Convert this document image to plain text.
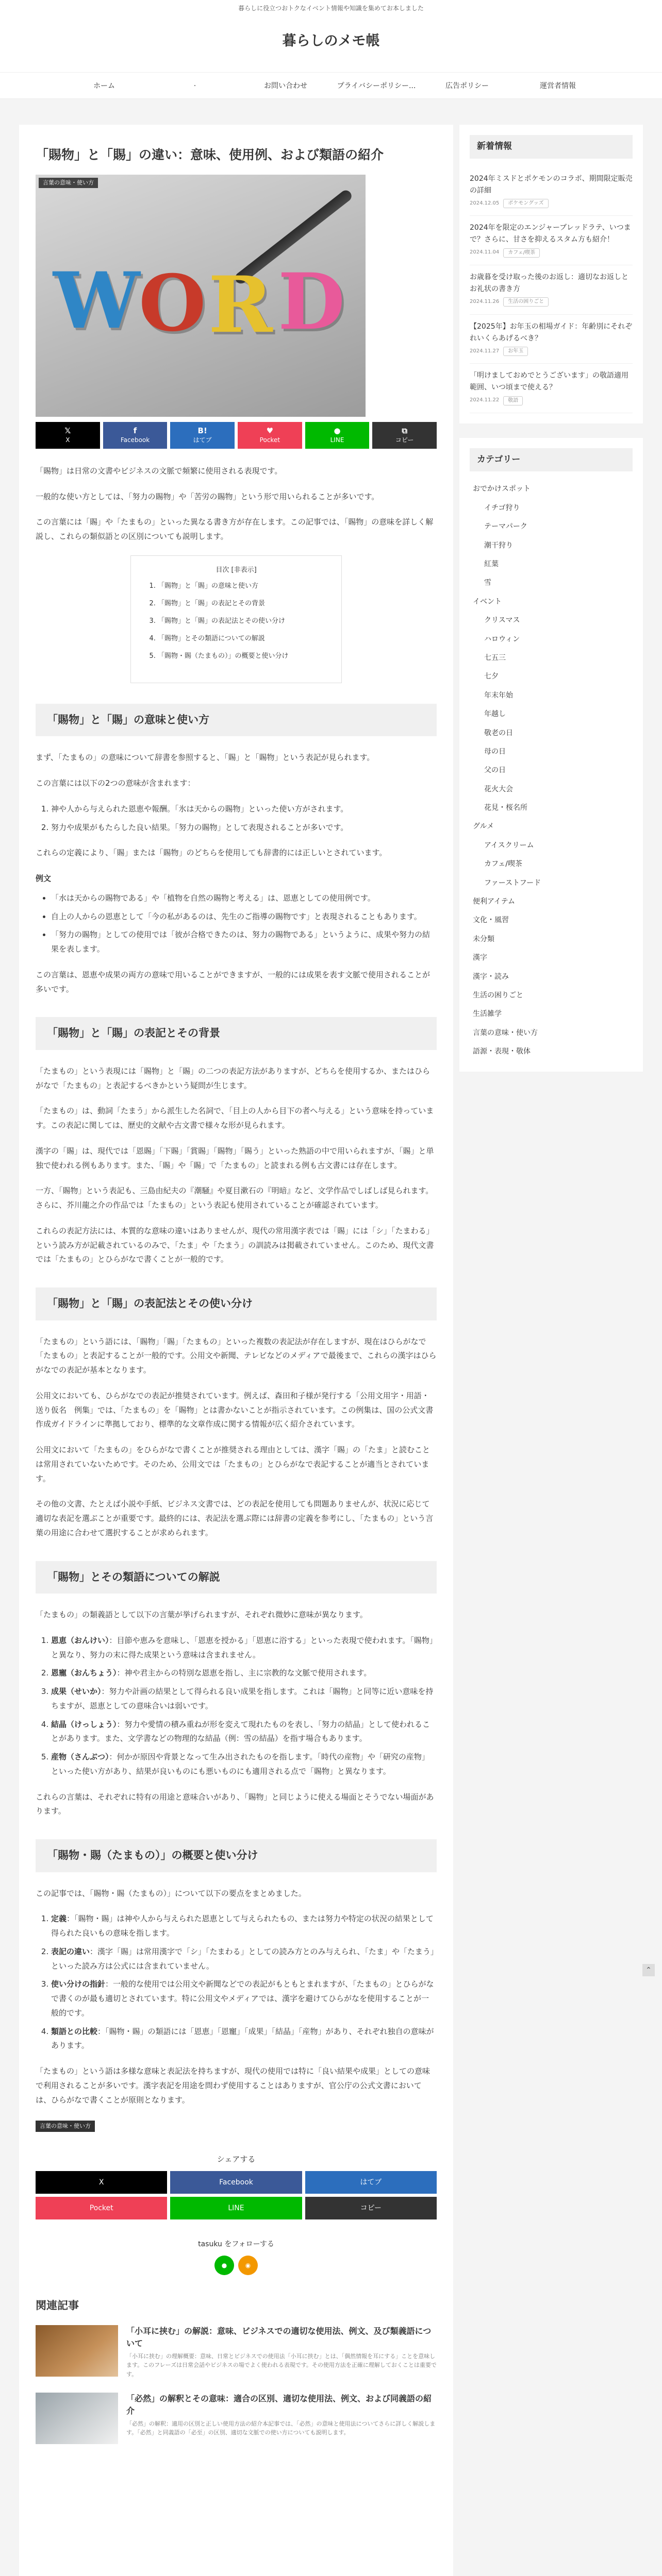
暮らしに役立つおトクなイベント情報や知識を集めてお本しました
暮らしのメモ帳
ホーム	·	お問い合わせ	プライバシーポリシー...	広告ポリシー	運営者情報
「賜物」と「賜」の違い：意味、使用例、および類語の紹介
言葉の意味・使い方
W
O R D
𝕏
X
f
Facebook
B!
はてブ
♥
Pocket
●
LINE
⧉
コピー

「賜物」は日常の文書やビジネスの文脈で頻繁に使用される表現です。

一般的な使い方としては、「努力の賜物」や「苦労の賜物」という形で用いられることが多いです。

この言葉には「賜」や「たまもの」といった異なる書き方が存在します。この記事では、「賜物」の意味を詳しく解説し、これらの類似語との区別についても説明します。

目次 [非表示]
1. 「賜物」と「賜」の意味と使い方
2. 「賜物」と「賜」の表記とその背景
3. 「賜物」と「賜」の表記法とその使い分け
4. 「賜物」とその類語についての解説
5. 「賜物・賜（たまもの）」の概要と使い分け
「賜物」と「賜」の意味と使い方

まず、「たまもの」の意味について辞書を参照すると、「賜」と「賜物」という表記が見られます。

この言葉には以下の2つの意味が含まれます：

1. 神や人から与えられた恩恵や報酬。「氷は天からの賜物」といった使い方がされます。
2. 努力や成果がもたらした良い結果。「努力の賜物」として表現されることが多いです。

これらの定義により、「賜」または「賜物」のどちらを使用しても辞書的には正しいとされています。

例文
• 「水は天からの賜物である」や「植物を自然の賜物と考える」は、恩恵としての使用例です。
• 自上の人からの恩恵として「今の私があるのは、先生のご指導の賜物です」と表現されることもあります。
• 「努力の賜物」としての使用では「彼が合格できたのは、努力の賜物である」というように、成果や努力の結果を表します。

この言葉は、恩恵や成果の両方の意味で用いることができますが、一般的には成果を表す文脈で使用されることが多いです。

「賜物」と「賜」の表記とその背景

「たまもの」という表現には「賜物」と「賜」の二つの表記方法がありますが、どちらを使用するか、またはひらがなで「たまもの」と表記するべきかという疑問が生じます。

「たまもの」は、動詞「たまう」から派生した名詞で、「目上の人から目下の者へ与える」という意味を持っています。この表記に関しては、歴史的文献や古文書で様々な形が見られます。

漢字の「賜」は、現代では「恩賜」「下賜」「賞賜」「賜物」「賜う」といった熟語の中で用いられますが、「賜」と単独で使われる例もあります。また、「賜」や「賜」で「たまもの」と読まれる例も古文書には存在します。

一方、「賜物」という表記も、三島由紀夫の『潮騒』や夏目漱石の『明暗』など、文学作品でしばしば見られます。さらに、芥川龍之介の作品では「たまもの」という表記も使用されていることが確認されています。

これらの表記方法には、本質的な意味の違いはありませんが、現代の常用漢字表では「賜」には「シ」「たまわる」という読み方が記載されているのみで、「たま」や「たまう」の訓読みは掲載されていません。このため、現代文書では「たまもの」とひらがなで書くことが一般的です。

「賜物」と「賜」の表記法とその使い分け

「たまもの」という語には、「賜物」「賜」「たまもの」といった複数の表記法が存在しますが、現在はひらがなで「たまもの」と表記することが一般的です。公用文や新聞、テレビなどのメディアで最後まで、これらの漢字はひらがなでの表記が基本となります。

公用文においても、ひらがなでの表記が推奨されています。例えば、森田和子様が発行する「公用文用字・用語・送り仮名　例集」では、「たまもの」を「賜物」とは書かないことが指示されています。この例集は、国の公式文書作成ガイドラインに準拠しており、標準的な文章作成に関する情報が広く紹介されています。

公用文において「たまもの」をひらがなで書くことが推奨される理由としては、漢字「賜」の「たま」と読むことは常用されていないためです。そのため、公用文では「たまもの」とひらがなで表記することが適当とされています。

その他の文書、たとえば小説や手紙、ビジネス文書では、どの表記を使用しても問題ありませんが、状況に応じて適切な表記を選ぶことが重要です。最終的には、表記法を選ぶ際には辞書の定義を参考にし、「たまもの」という言葉の用途に合わせて選択することが求められます。

「賜物」とその類語についての解説

「たまもの」の類義語として以下の言葉が挙げられますが、それぞれ微妙に意味が異なります。

1. 恩恵（おんけい）：目節や恵みを意味し、「恩恵を授かる」「恩恵に浴する」といった表現で使われます。「賜物」と異なり、努力の末に得た成果という意味は含まれません。
2. 恩寵（おんちょう）：神や君主からの特別な恩恵を指し、主に宗教的な文脈で使用されます。
3. 成果（せいか）：努力や計画の結果として得られる良い成果を指します。これは「賜物」と同等に近い意味を持ちますが、恩恵としての意味合いは弱いです。
4. 結晶（けっしょう）：努力や愛情の積み重ねが形を変えて現れたものを表し、「努力の結晶」として使われることがあります。また、文学書などの物理的な結晶（例：雪の結晶）を指す場合もあります。
5. 産物（さんぶつ）：何かが原因や背景となって生み出されたものを指します。「時代の産物」や「研究の産物」といった使い方があり、結果が良いものにも悪いものにも適用される点で「賜物」と異なります。

これらの言葉は、それぞれに特有の用途と意味合いがあり、「賜物」と同じように使える場面とそうでない場面があります。

「賜物・賜（たまもの）」の概要と使い分け

この記事では、「賜物・賜（たまもの）」について以下の要点をまとめました。

1. 定義：「賜物・賜」は神や人から与えられた恩恵として与えられたもの、または努力や特定の状況の結果として得られた良いもの意味を指します。
2. 表記の違い：漢字「賜」は常用漢字で「シ」「たまわる」としての読み方とのみ与えられ、「たま」や「たまう」といった読み方は公式には含まれていません。
3. 使い分けの指針：一般的な使用では公用文や新聞などでの表記がもともとまれますが、「たまもの」とひらがなで書くのが最も適切とされています。特に公用文やメディアでは、漢字を避けてひらがなを使用することが一般的です。
4. 類語との比較：「賜物・賜」の類語には「恩恵」「恩寵」「成果」「結晶」「産物」があり、それぞれ独自の意味があります。

「たまもの」という語は多様な意味と表記法を持ちますが、現代の使用では特に「良い結果や成果」としての意味で利用されることが多いです。漢字表記を用途を問わず使用することはありますが、官公庁の公式文書においては、ひらがなで書くことが原則となります。

言葉の意味・使い方
シェアする
X	Facebook	はてブ
Pocket	LINE	コピー
tasuku をフォローする
●	◉
関連記事
「小耳に挟む」の解説：意味、ビジネスでの適切な使用法、例文、及び類義語について
「小耳に挟む」の理解概要：意味、日常とビジネスでの使用法「小耳に挟む」とは、「偶然情報を耳にする」ことを意味します。このフレーズは日常会話やビジネスの場でよく使われる表現です。その使用方法を正確に理解しておくことは重要です。
「必然」の解釈とその意味：適合の区別、適切な使用法、例文、および同義語の紹介
「必然」の解釈：適用の区別と正しい使用方法の紹介本記事では、「必然」の意味と使用法についてさらに詳しく解説します。「必然」と同義語の「必至」の区別、適切な文脈での使い方についても説明します。
新着情報
2024年ミスドとポケモンのコラボ、期間限定販売の詳細
2024.12.05	ポケモングッズ
2024年を限定のエンジャーブレッドラテ、いつまで？さらに、甘さを抑えるスタム方も紹介！
2024.11.04	カフェ/喫茶
お歳暮を受け取った後のお返し：適切なお返しとお礼状の書き方
2024.11.26	生活の困りごと
【2025年】お年玉の相場ガイド：年齢別にそれぞれいくらあげるべき？
2024.11.27	お年玉
「明けましておめでとうございます」の敬語適用範囲、いつ頃まで使える？
2024.11.22	敬語
カテゴリー
おでかけスポット
イチゴ狩り
テーマパーク
潮干狩り
紅葉
雪
イベント
クリスマス
ハロウィン
七五三
七夕
年末年始
年越し
敬老の日
母の日
父の日
花火大会
花見・桜名所
グルメ
アイスクリーム
カフェ/喫茶
ファーストフード
便利アイテム
文化・風習
未分類
漢字
漢字・読み
生活の困りごと
生活雑学
言葉の意味・使い方
語源・表現・敬体
⌃
